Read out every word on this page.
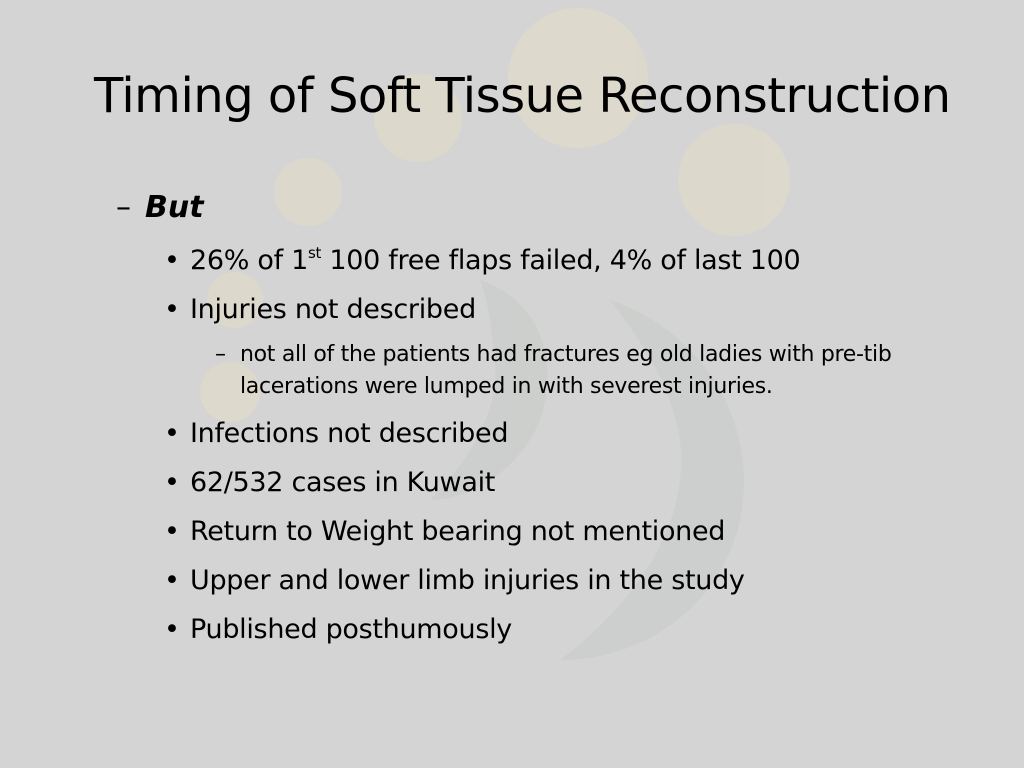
Timing of Soft Tissue Reconstruction
– But
• 26% of 1st 100 free flaps failed, 4% of last 100
• Injuries not described
– not all of the patients had fractures eg old ladies with pre-tib lacerations were lumped in with severest injuries.
• Infections not described
• 62/532 cases in Kuwait
• Return to Weight bearing not mentioned
• Upper and lower limb injuries in the study
• Published posthumously
